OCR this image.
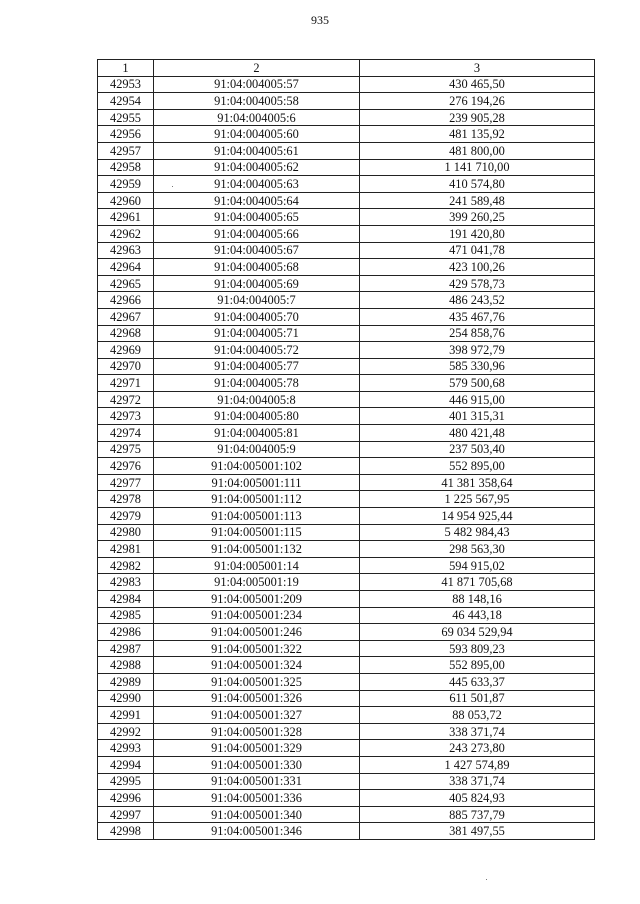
935
1	2	3
42953	91:04:004005:57	430 465,50
42954	91:04:004005:58	276 194,26
42955	91:04:004005:6	239 905,28
42956	91:04:004005:60	481 135,92
42957	91:04:004005:61	481 800,00
42958	91:04:004005:62	1 141 710,00
42959	91:04:004005:63	410 574,80
42960	91:04:004005:64	241 589,48
42961	91:04:004005:65	399 260,25
42962	91:04:004005:66	191 420,80
42963	91:04:004005:67	471 041,78
42964	91:04:004005:68	423 100,26
42965	91:04:004005:69	429 578,73
42966	91:04:004005:7	486 243,52
42967	91:04:004005:70	435 467,76
42968	91:04:004005:71	254 858,76
42969	91:04:004005:72	398 972,79
42970	91:04:004005:77	585 330,96
42971	91:04:004005:78	579 500,68
42972	91:04:004005:8	446 915,00
42973	91:04:004005:80	401 315,31
42974	91:04:004005:81	480 421,48
42975	91:04:004005:9	237 503,40
42976	91:04:005001:102	552 895,00
42977	91:04:005001:111	41 381 358,64
42978	91:04:005001:112	1 225 567,95
42979	91:04:005001:113	14 954 925,44
42980	91:04:005001:115	5 482 984,43
42981	91:04:005001:132	298 563,30
42982	91:04:005001:14	594 915,02
42983	91:04:005001:19	41 871 705,68
42984	91:04:005001:209	88 148,16
42985	91:04:005001:234	46 443,18
42986	91:04:005001:246	69 034 529,94
42987	91:04:005001:322	593 809,23
42988	91:04:005001:324	552 895,00
42989	91:04:005001:325	445 633,37
42990	91:04:005001:326	611 501,87
42991	91:04:005001:327	88 053,72
42992	91:04:005001:328	338 371,74
42993	91:04:005001:329	243 273,80
42994	91:04:005001:330	1 427 574,89
42995	91:04:005001:331	338 371,74
42996	91:04:005001:336	405 824,93
42997	91:04:005001:340	885 737,79
42998	91:04:005001:346	381 497,55
